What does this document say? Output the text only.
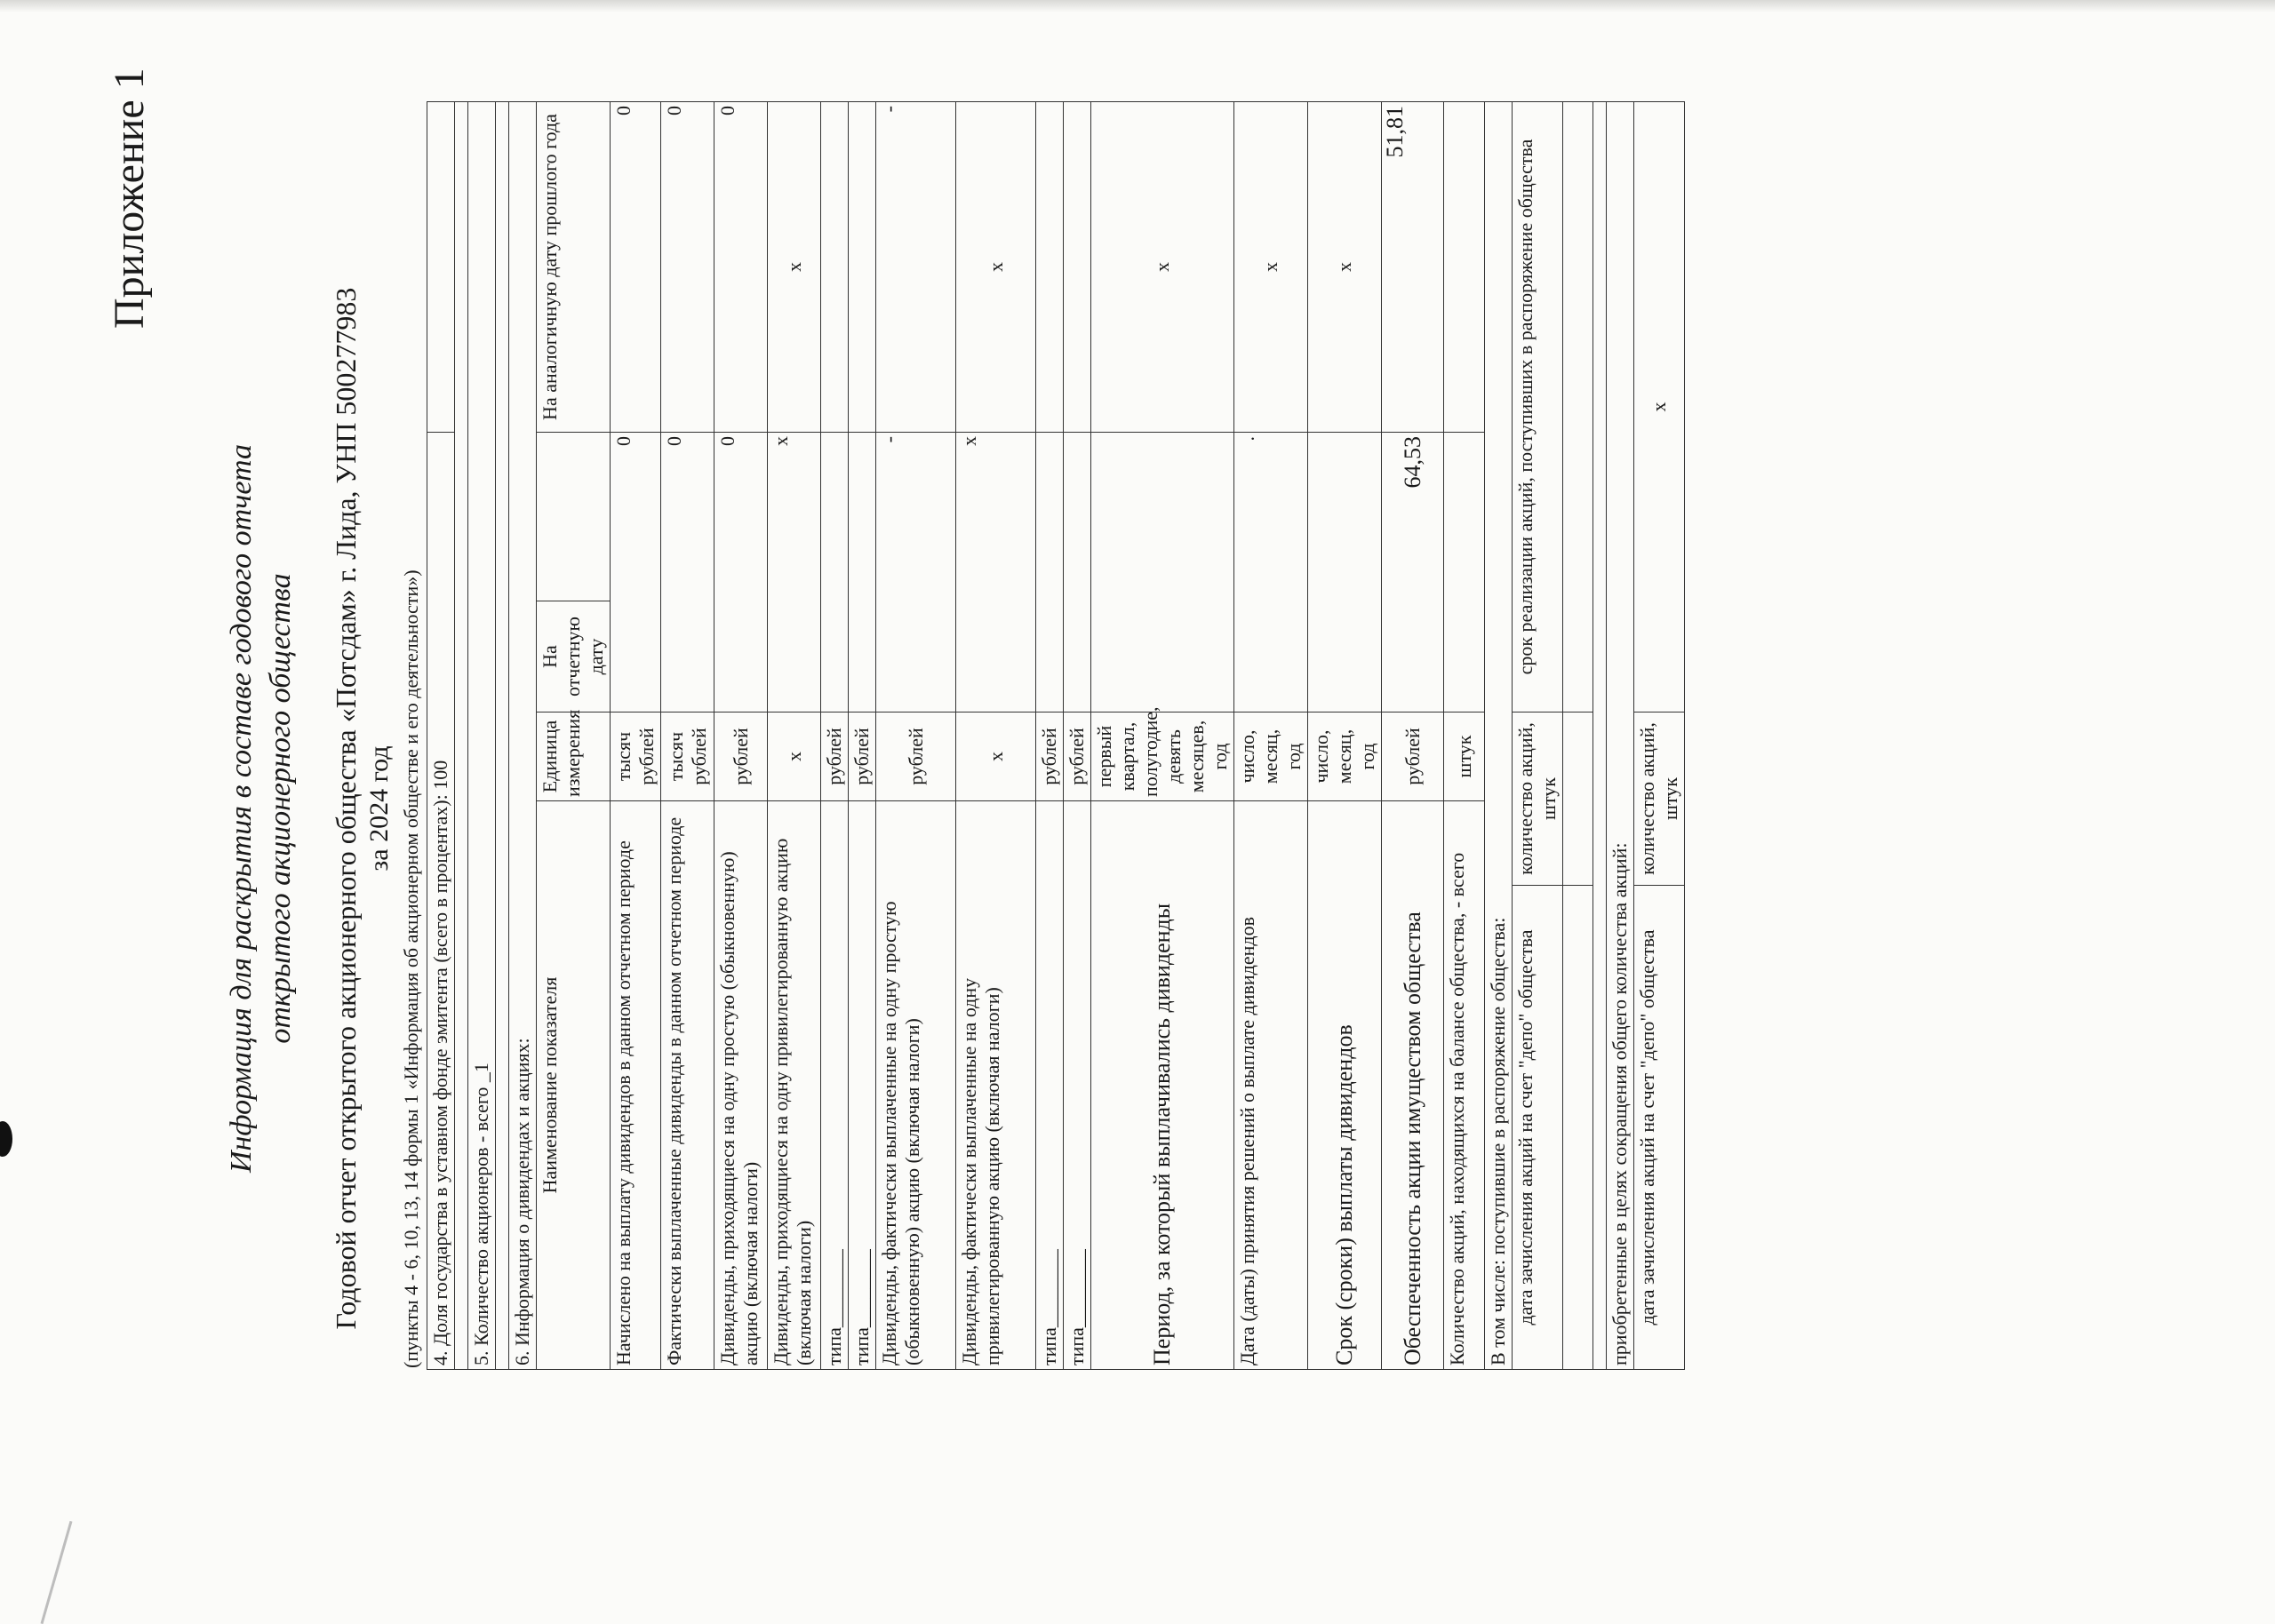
Приложение 1
Информация для раскрытия в составе годового отчета открытого акционерного общества Годовой отчет открытого акционерного общества «Потсдам» г. Лида, УНП 500277983 за 2024 год (пункты 4 - 6, 10, 13, 14 формы 1 «Информация об акционерном обществе и его деятельности») 4. Доля государства в уставном фонде эмитента (всего в процентах): 100					

5. Количество акционеров - всего _1					

6. Информация о дивидендах и акциях:					
Наименование показателя		Единица измерения	На отчетную дату		На аналогичную дату прошлого года
Начислено на выплату дивидендов в данном отчетном периоде		тысяч рублей	0		0
Фактически выплаченные дивиденды в данном отчетном периоде		тысяч рублей	0		0
Дивиденды, приходящиеся на одну простую (обыкновенную) акцию (включая налоги)		рублей	0		0
Дивиденды, приходящиеся на одну привилегированную акцию (включая налоги)		х	х		х
типа________		рублей			
типа________		рублей			
Дивиденды, фактически выплаченные на одну простую (обыкновенную) акцию (включая налоги)		рублей	-		-
Дивиденды, фактически выплаченные на одну привилегированную акцию (включая налоги)		х	х		х
типа________		рублей			
типа________		рублей			
Период, за который выплачивались дивиденды		первый квартал, полугодие, девять месяцев, год			х
Дата (даты) принятия решений о выплате дивидендов		число, месяц, год	.		х
Срок (сроки) выплаты дивидендов		число, месяц, год			х
Обеспеченность акции имуществом общества		рублей	64,53		51,81
Количество акций, находящихся на балансе общества, - всего		штук			
В том числе: поступившие в распоряжение общества:					
дата зачисления акций на счет "депо" общества	количество акций, штук		срок реализации акций, поступивших в распоряжение общества		

приобретенные в целях сокращения общего количества акций:					
дата зачисления акций на счет "депо" общества	количество акций, штук		х		
